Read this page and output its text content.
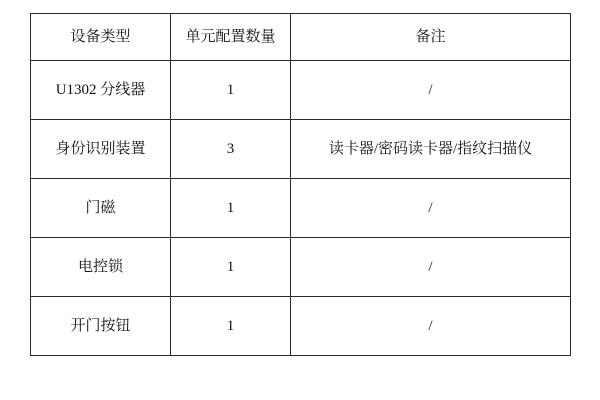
设备类型	单元配置数量	备注
U1302 分线器	1	/
身份识别装置	3	读卡器/密码读卡器/指纹扫描仪
门磁	1	/
电控锁	1	/
开门按钮	1	/
